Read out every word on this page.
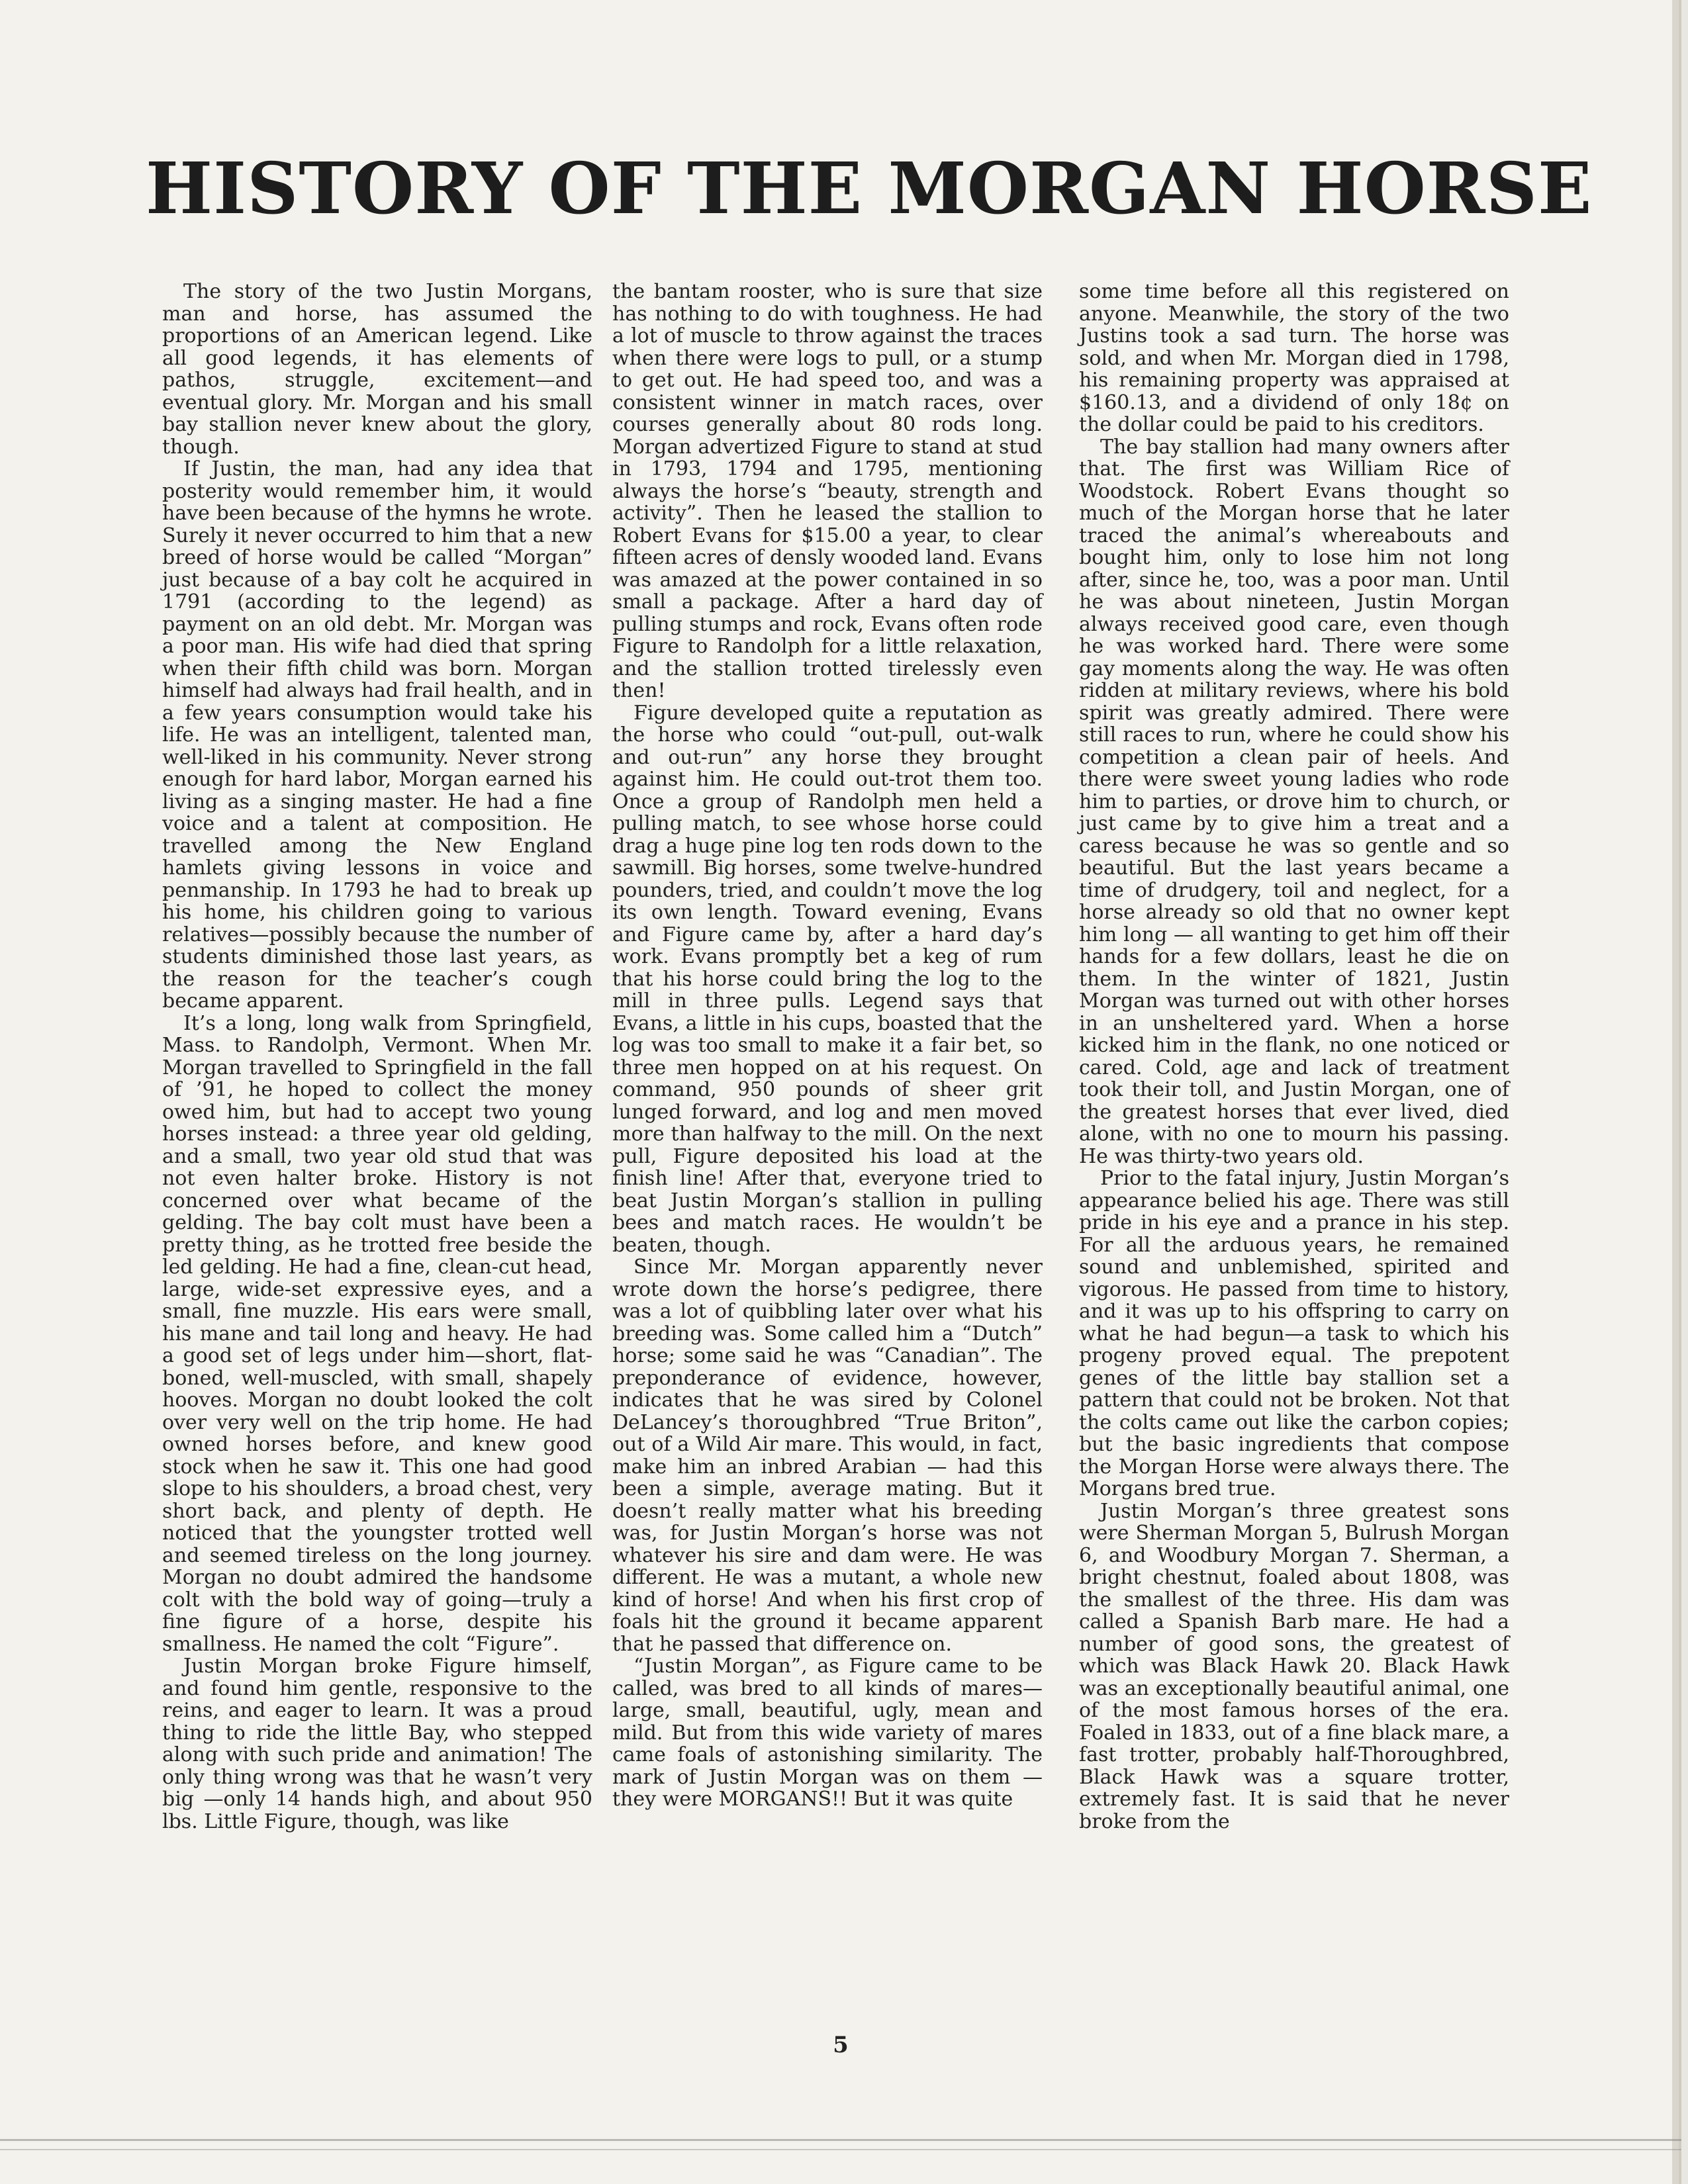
HISTORY OF THE MORGAN HORSE

The story of the two Justin Morgans, man and horse, has assumed the proportions of an American legend. Like all good legends, it has elements of pathos, struggle, excitement—and eventual glory. Mr. Morgan and his small bay stallion never knew about the glory, though.

If Justin, the man, had any idea that posterity would remember him, it would have been because of the hymns he wrote. Surely it never occurred to him that a new breed of horse would be called “Morgan” just because of a bay colt he acquired in 1791 (according to the legend) as payment on an old debt. Mr. Morgan was a poor man. His wife had died that spring when their fifth child was born. Morgan himself had always had frail health, and in a few years consumption would take his life. He was an intelligent, talented man, well-liked in his community. Never strong enough for hard labor, Morgan earned his living as a singing master. He had a fine voice and a talent at composition. He travelled among the New England hamlets giving lessons in voice and penmanship. In 1793 he had to break up his home, his children going to various relatives—possibly because the number of students diminished those last years, as the reason for the teacher’s cough became apparent.

It’s a long, long walk from Springfield, Mass. to Randolph, Vermont. When Mr. Morgan travelled to Springfield in the fall of ’91, he hoped to collect the money owed him, but had to accept two young horses instead: a three year old gelding, and a small, two year old stud that was not even halter broke. History is not concerned over what became of the gelding. The bay colt must have been a pretty thing, as he trotted free beside the led gelding. He had a fine, clean-cut head, large, wide-set expressive eyes, and a small, fine muzzle. His ears were small, his mane and tail long and heavy. He had a good set of legs under him—short, flat-boned, well-muscled, with small, shapely hooves. Morgan no doubt looked the colt over very well on the trip home. He had owned horses before, and knew good stock when he saw it. This one had good slope to his shoulders, a broad chest, very short back, and plenty of depth. He noticed that the youngster trotted well and seemed tireless on the long journey. Morgan no doubt admired the handsome colt with the bold way of going—truly a fine figure of a horse, despite his smallness. He named the colt “Figure”.

Justin Morgan broke Figure himself, and found him gentle, responsive to the reins, and eager to learn. It was a proud thing to ride the little Bay, who stepped along with such pride and animation! The only thing wrong was that he wasn’t very big —only 14 hands high, and about 950 lbs. Little Figure, though, was like

the bantam rooster, who is sure that size has nothing to do with toughness. He had a lot of muscle to throw against the traces when there were logs to pull, or a stump to get out. He had speed too, and was a consistent winner in match races, over courses generally about 80 rods long. Morgan advertized Figure to stand at stud in 1793, 1794 and 1795, mentioning always the horse’s “beauty, strength and activity”. Then he leased the stallion to Robert Evans for $15.00 a year, to clear fifteen acres of densly wooded land. Evans was amazed at the power contained in so small a package. After a hard day of pulling stumps and rock, Evans often rode Figure to Randolph for a little relaxation, and the stallion trotted tirelessly even then!

Figure developed quite a reputation as the horse who could “out-pull, out-walk and out-run” any horse they brought against him. He could out-trot them too. Once a group of Randolph men held a pulling match, to see whose horse could drag a huge pine log ten rods down to the sawmill. Big horses, some twelve-hundred pounders, tried, and couldn’t move the log its own length. Toward evening, Evans and Figure came by, after a hard day’s work. Evans promptly bet a keg of rum that his horse could bring the log to the mill in three pulls. Legend says that Evans, a little in his cups, boasted that the log was too small to make it a fair bet, so three men hopped on at his request. On command, 950 pounds of sheer grit lunged forward, and log and men moved more than halfway to the mill. On the next pull, Figure deposited his load at the finish line! After that, everyone tried to beat Justin Morgan’s stallion in pulling bees and match races. He wouldn’t be beaten, though.

Since Mr. Morgan apparently never wrote down the horse’s pedigree, there was a lot of quibbling later over what his breeding was. Some called him a “Dutch” horse; some said he was “Canadian”. The preponderance of evidence, however, indicates that he was sired by Colonel DeLancey’s thoroughbred “True Briton”, out of a Wild Air mare. This would, in fact, make him an inbred Arabian — had this been a simple, average mating. But it doesn’t really matter what his breeding was, for Justin Morgan’s horse was not whatever his sire and dam were. He was different. He was a mutant, a whole new kind of horse! And when his first crop of foals hit the ground it became apparent that he passed that difference on.

“Justin Morgan”, as Figure came to be called, was bred to all kinds of mares—large, small, beautiful, ugly, mean and mild. But from this wide variety of mares came foals of astonishing similarity. The mark of Justin Morgan was on them — they were MORGANS!! But it was quite

some time before all this registered on anyone. Meanwhile, the story of the two Justins took a sad turn. The horse was sold, and when Mr. Morgan died in 1798, his remaining property was appraised at $160.13, and a dividend of only 18¢ on the dollar could be paid to his creditors.

The bay stallion had many owners after that. The first was William Rice of Woodstock. Robert Evans thought so much of the Morgan horse that he later traced the animal’s whereabouts and bought him, only to lose him not long after, since he, too, was a poor man. Until he was about nineteen, Justin Morgan always received good care, even though he was worked hard. There were some gay moments along the way. He was often ridden at military reviews, where his bold spirit was greatly admired. There were still races to run, where he could show his competition a clean pair of heels. And there were sweet young ladies who rode him to parties, or drove him to church, or just came by to give him a treat and a caress because he was so gentle and so beautiful. But the last years became a time of drudgery, toil and neglect, for a horse already so old that no owner kept him long — all wanting to get him off their hands for a few dollars, least he die on them. In the winter of 1821, Justin Morgan was turned out with other horses in an unsheltered yard. When a horse kicked him in the flank, no one noticed or cared. Cold, age and lack of treatment took their toll, and Justin Morgan, one of the greatest horses that ever lived, died alone, with no one to mourn his passing. He was thirty-two years old.

Prior to the fatal injury, Justin Morgan’s appearance belied his age. There was still pride in his eye and a prance in his step. For all the arduous years, he remained sound and unblemished, spirited and vigorous. He passed from time to history, and it was up to his offspring to carry on what he had begun—a task to which his progeny proved equal. The prepotent genes of the little bay stallion set a pattern that could not be broken. Not that the colts came out like the carbon copies; but the basic ingredients that compose the Morgan Horse were always there. The Morgans bred true.

Justin Morgan’s three greatest sons were Sherman Morgan 5, Bulrush Morgan 6, and Woodbury Morgan 7. Sherman, a bright chestnut, foaled about 1808, was the smallest of the three. His dam was called a Spanish Barb mare. He had a number of good sons, the greatest of which was Black Hawk 20. Black Hawk was an exceptionally beautiful animal, one of the most famous horses of the era. Foaled in 1833, out of a fine black mare, a fast trotter, probably half-Thoroughbred, Black Hawk was a square trotter, extremely fast. It is said that he never broke from the

5
